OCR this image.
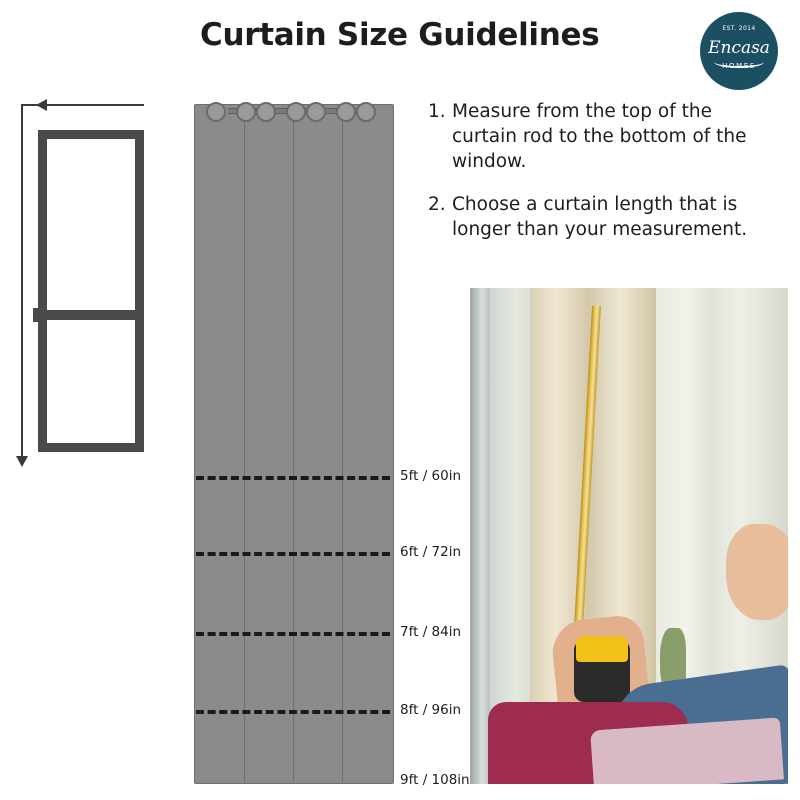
Curtain Size Guidelines	EST. 2014
Encasa
HOMES
1. Measure from the top of the curtain rod to the bottom of the window.
2. Choose a curtain length that is longer than your measurement.
5ft / 60in
6ft / 72in
7ft / 84in
8ft / 96in
9ft / 108in
